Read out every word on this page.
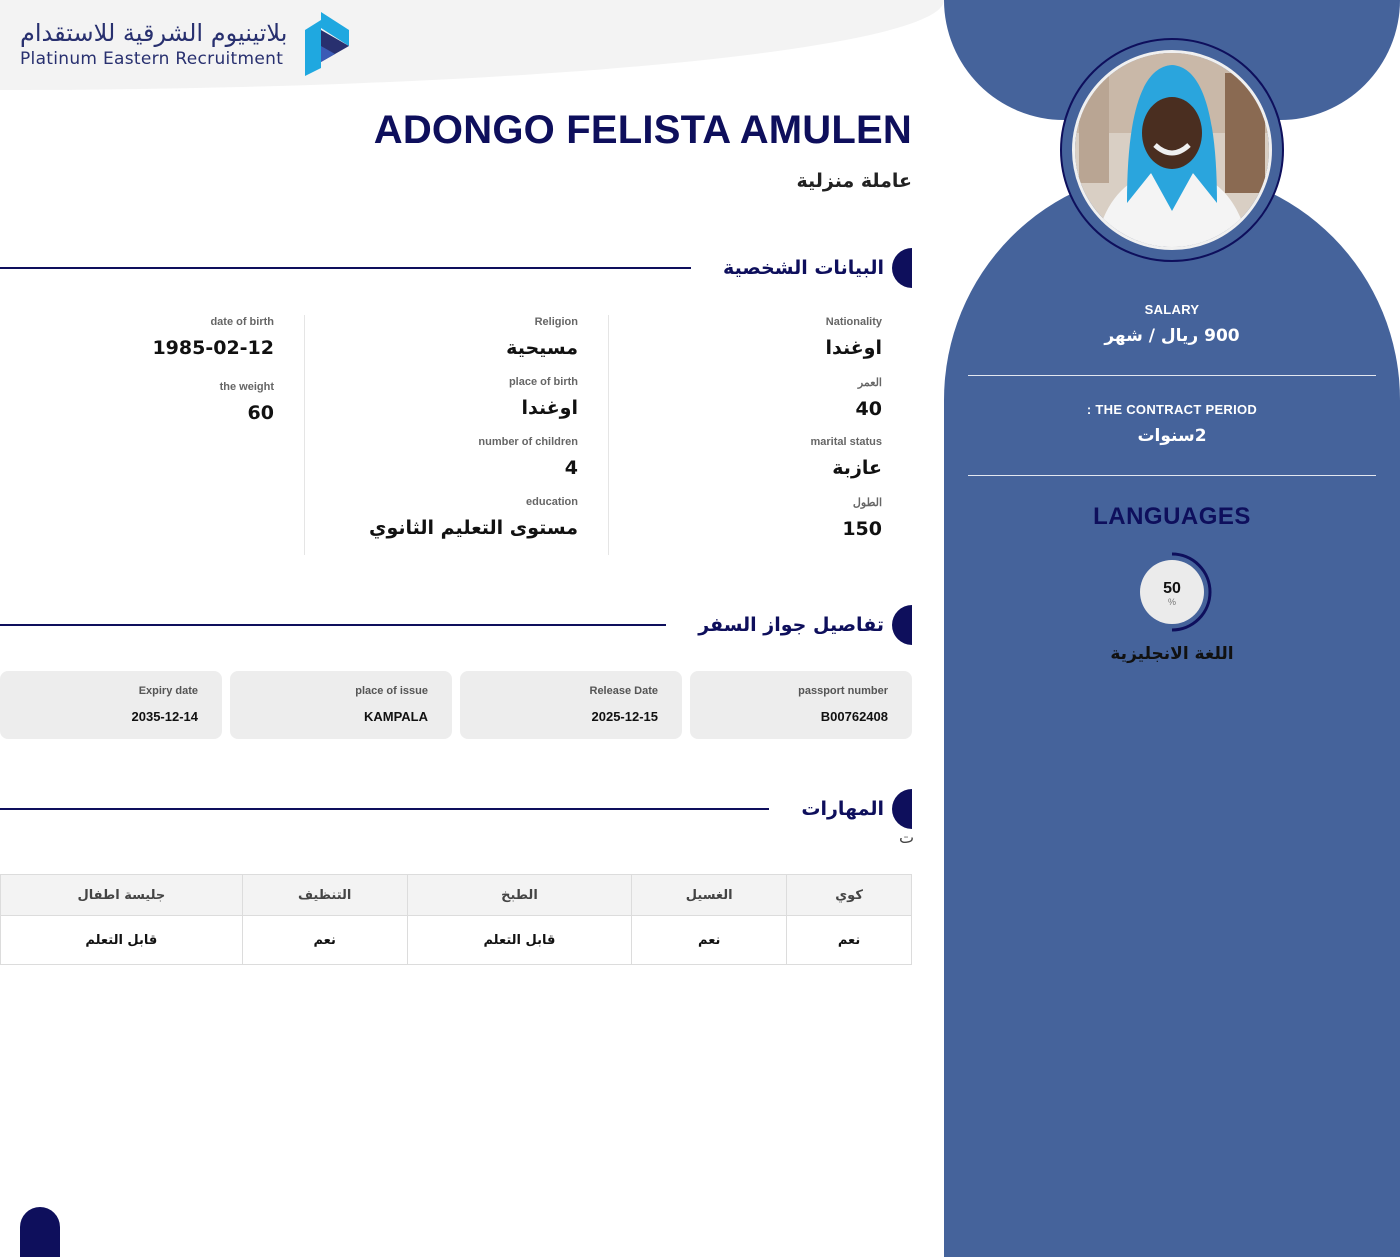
بلاتينيوم الشرقية للاستقدام
Platinum Eastern Recruitment
ADONGO FELISTA AMULEN
عاملة منزلية
البيانات الشخصية
Nationality
اوغندا
العمر
40
marital status
عازبة
الطول
150
Religion
مسيحية
place of birth
اوغندا
number of children
4
education
مستوى التعليم الثانوي
date of birth
1985-02-12
the weight
60
تفاصيل جواز السفر
passport number
B00762408
Release Date
2025-12-15
place of issue
KAMPALA
Expiry date
2035-12-14
المهارات
ت
كوي	الغسيل	الطبخ	التنظيف	جليسة اطفال
نعم	نعم	قابل التعلم	نعم	قابل التعلم
SALARY
900 ريال / شهر
: THE CONTRACT PERIOD
2سنوات
LANGUAGES
50
%
اللغة الانجليزية
